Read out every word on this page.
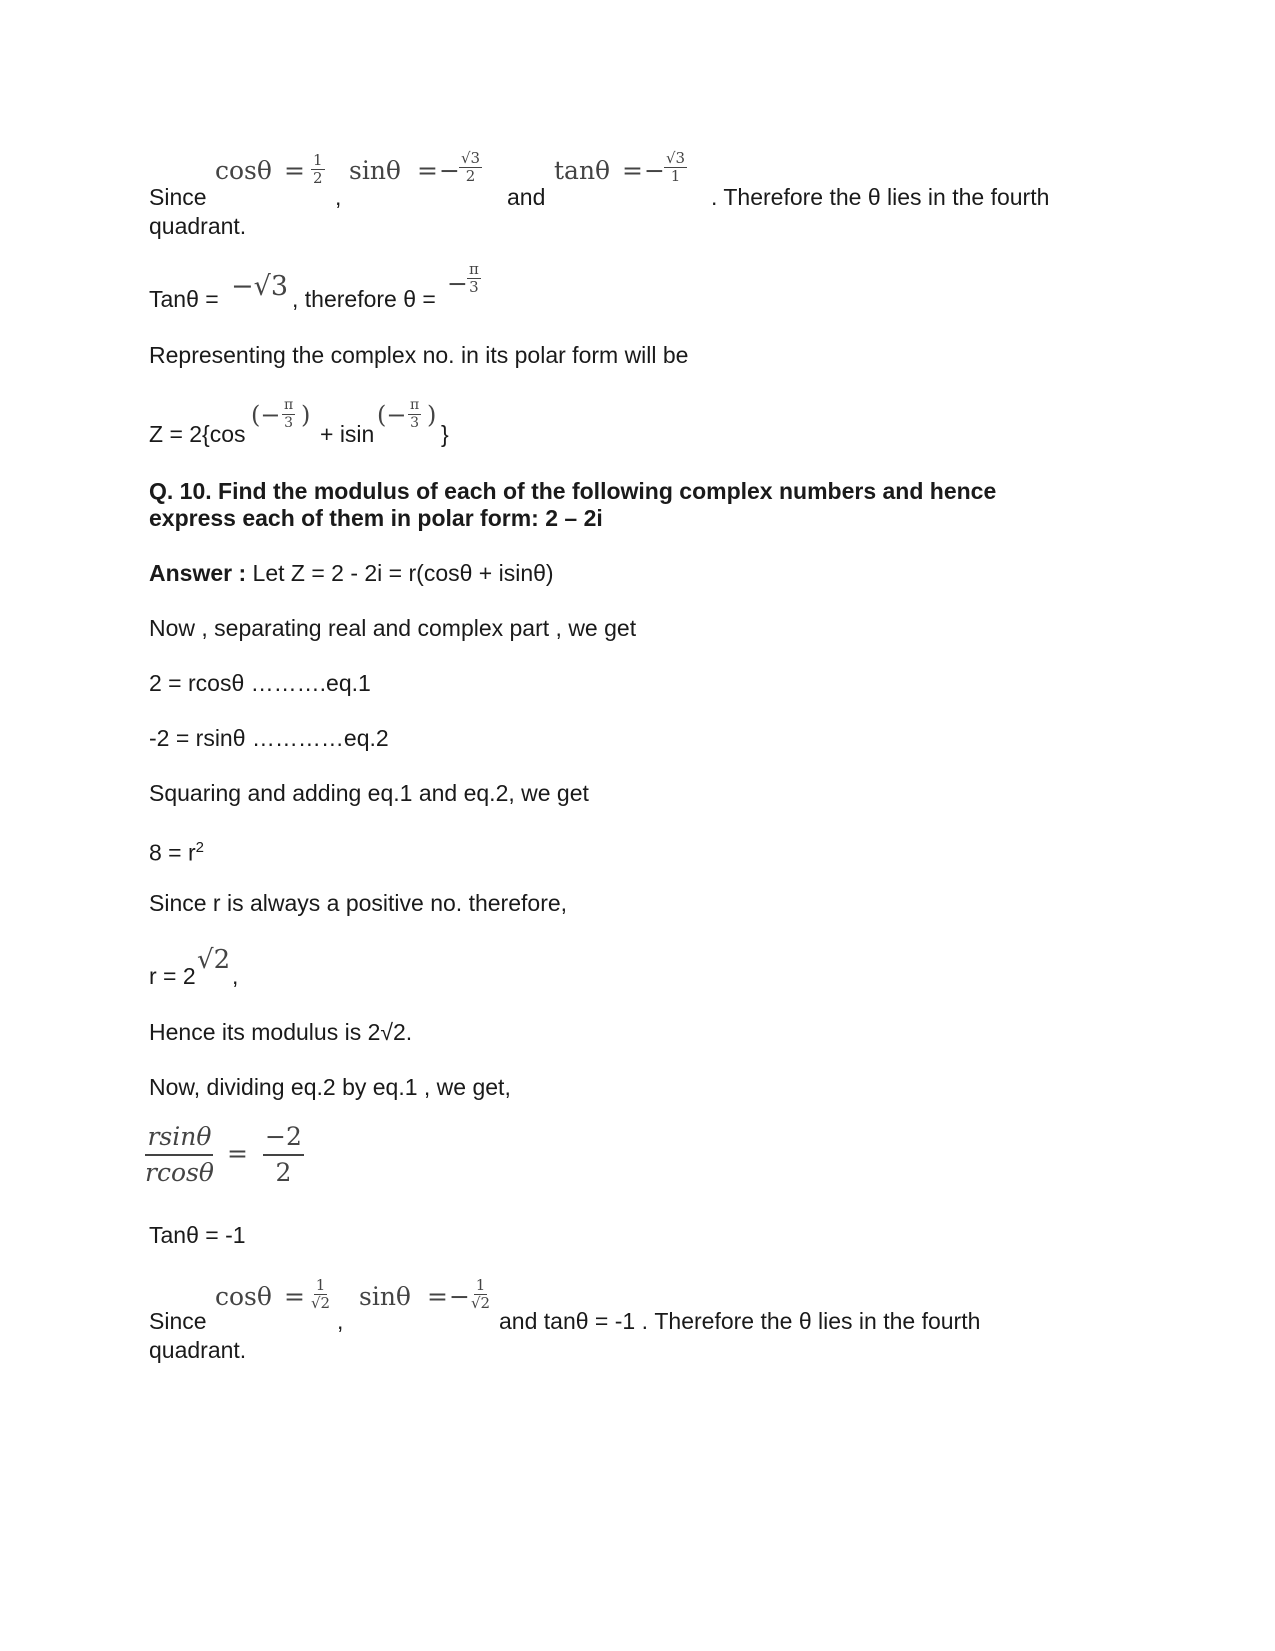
Since
$\cos\theta = \frac{1}{2}$
,
sinθ = − $\frac{√3}{2}$
and
tanθ = − $\frac{√3}{1}$
. Therefore the θ lies in the fourth
quadrant.
Tanθ = −√3 , therefore θ =
− $\frac{\pi}{3}$
Representing the complex no. in its polar form will be
Z = 2{cos
(− $\frac{\pi}{3}$ )
+ isin
(− $\frac{\pi}{3}$ )
}
Q. 10. Find the modulus of each of the following complex numbers and hence
express each of them in polar form: 2 – 2i
Answer : Let Z = 2 - 2i = r(cosθ + isinθ)
Now , separating real and complex part , we get
2 = rcosθ ……….eq.1
-2 = rsinθ …………eq.2
Squaring and adding eq.1 and eq.2, we get
$8 = r^2$
Since r is always a positive no. therefore,
r = 2
√2
,
Hence its modulus is 2√2.
Now, dividing eq.2 by eq.1 , we get,
$\frac{rsin\theta}{rcos\theta} = \frac{-2}{2}$
Tanθ = -1
Since
$\cos\theta = \frac{1}{√2}$
,
sinθ = − $\frac{1}{√2}$
and tanθ = -1 . Therefore the θ lies in the fourth
quadrant.
